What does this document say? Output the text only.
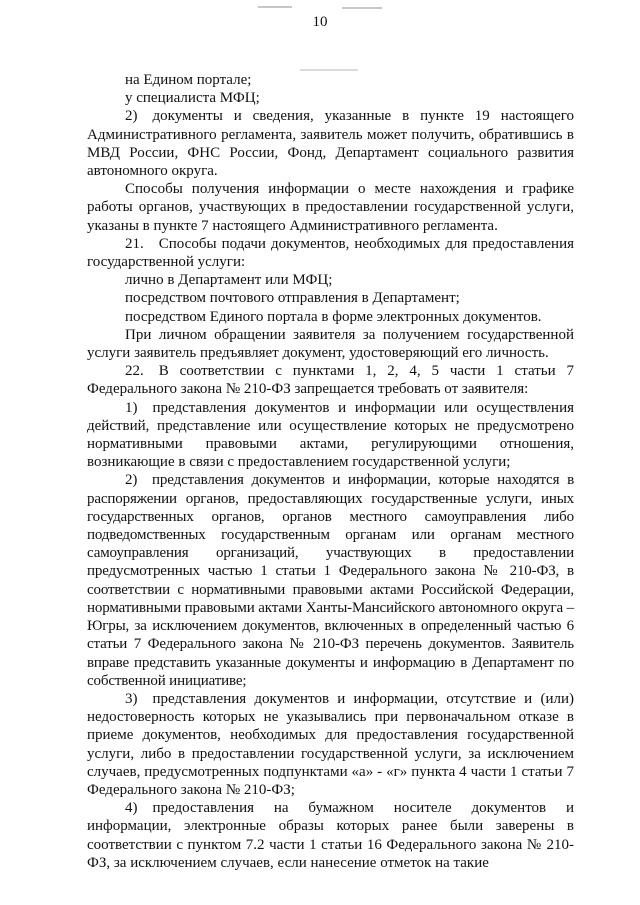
10

на Едином портале;

у специалиста МФЦ;

2) документы и сведения, указанные в пункте 19 настоящего Административного регламента, заявитель может получить, обратившись в МВД России, ФНС России, Фонд, Департамент социального развития автономного округа.

Способы получения информации о месте нахождения и графике работы органов, участвующих в предоставлении государственной услуги, указаны в пункте 7 настоящего Административного регламента.

21. Способы подачи документов, необходимых для предоставления государственной услуги:

лично в Департамент или МФЦ;

посредством почтового отправления в Департамент;

посредством Единого портала в форме электронных документов.

При личном обращении заявителя за получением государственной услуги заявитель предъявляет документ, удостоверяющий его личность.

22. В соответствии с пунктами 1, 2, 4, 5 части 1 статьи 7 Федерального закона № 210-ФЗ запрещается требовать от заявителя:

1) представления документов и информации или осуществления действий, представление или осуществление которых не предусмотрено нормативными правовыми актами, регулирующими отношения, возникающие в связи с предоставлением государственной услуги;

2) представления документов и информации, которые находятся в распоряжении органов, предоставляющих государственные услуги, иных государственных органов, органов местного самоуправления либо подведомственных государственным органам или органам местного самоуправления организаций, участвующих в предоставлении предусмотренных частью 1 статьи 1 Федерального закона № 210-ФЗ, в соответствии с нормативными правовыми актами Российской Федерации, нормативными правовыми актами Ханты-Мансийского автономного округа – Югры, за исключением документов, включенных в определенный частью 6 статьи 7 Федерального закона № 210-ФЗ перечень документов. Заявитель вправе представить указанные документы и информацию в Департамент по собственной инициативе;

3) представления документов и информации, отсутствие и (или) недостоверность которых не указывались при первоначальном отказе в приеме документов, необходимых для предоставления государственной услуги, либо в предоставлении государственной услуги, за исключением случаев, предусмотренных подпунктами «а» - «г» пункта 4 части 1 статьи 7 Федерального закона № 210-ФЗ;

4) предоставления на бумажном носителе документов и информации, электронные образы которых ранее были заверены в соответствии с пунктом 7.2 части 1 статьи 16 Федерального закона № 210-ФЗ, за исключением случаев, если нанесение отметок на такие
